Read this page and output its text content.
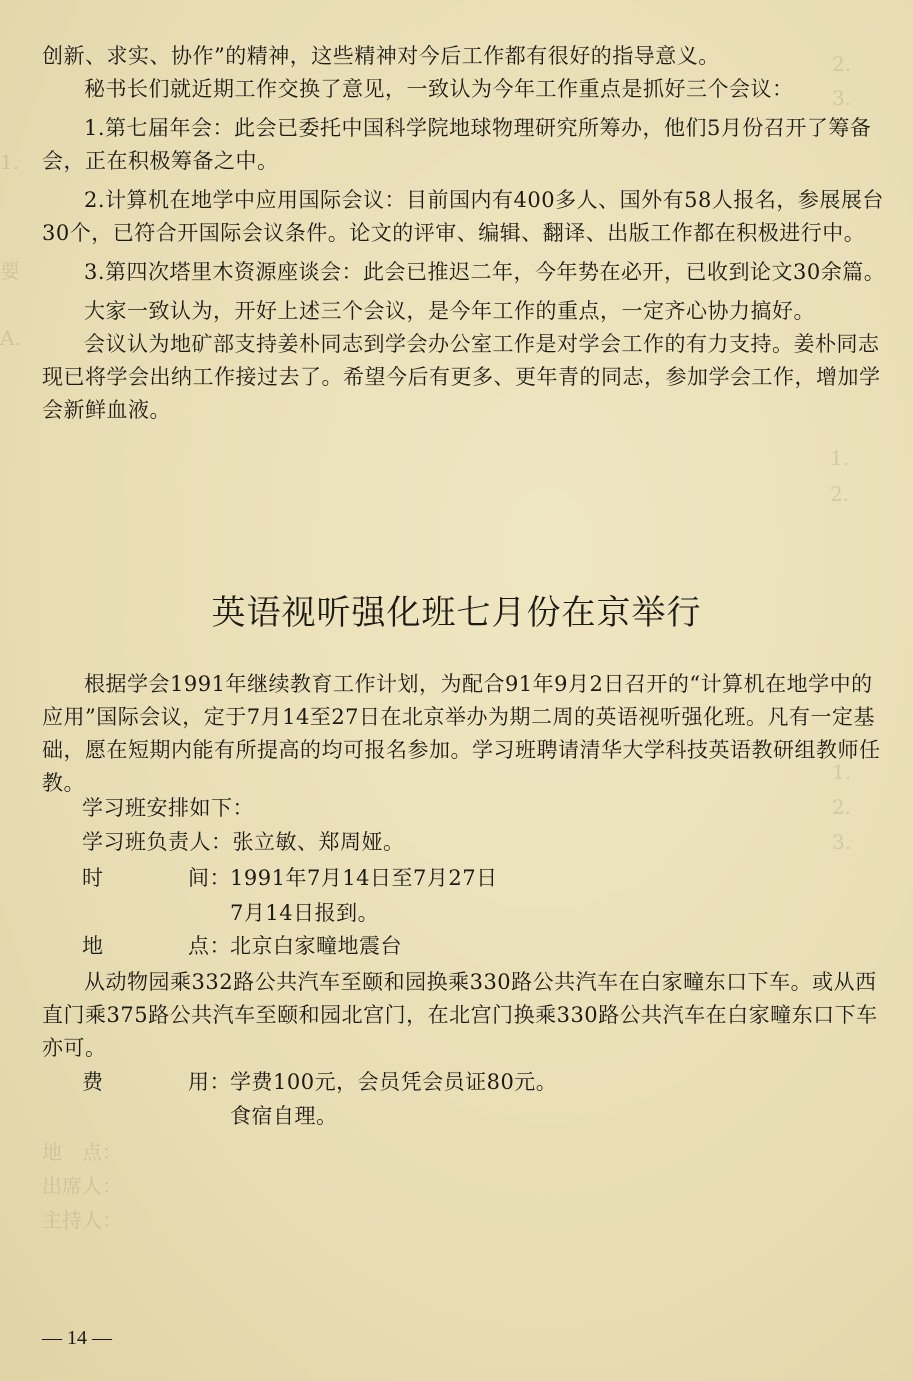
2.
3.
1.
要
A.
1.
2.
1.
2.
3.

创新、求实、协作”的精神，这些精神对今后工作都有很好的指导意义。

秘书长们就近期工作交换了意见，一致认为今年工作重点是抓好三个会议：

1.第七届年会：此会已委托中国科学院地球物理研究所筹办，他们5月份召开了筹备会，正在积极筹备之中。

2.计算机在地学中应用国际会议：目前国内有400多人、国外有58人报名，参展展台30个，已符合开国际会议条件。论文的评审、编辑、翻译、出版工作都在积极进行中。

3.第四次塔里木资源座谈会：此会已推迟二年，今年势在必开，已收到论文30余篇。

大家一致认为，开好上述三个会议，是今年工作的重点，一定齐心协力搞好。

会议认为地矿部支持姜朴同志到学会办公室工作是对学会工作的有力支持。姜朴同志现已将学会出纳工作接过去了。希望今后有更多、更年青的同志，参加学会工作，增加学会新鲜血液。

英语视听强化班七月份在京举行

根据学会1991年继续教育工作计划，为配合91年9月2日召开的“计算机在地学中的应用”国际会议，定于7月14至27日在北京举办为期二周的英语视听强化班。凡有一定基础，愿在短期内能有所提高的均可报名参加。学习班聘请清华大学科技英语教研组教师任教。

学习班安排如下：
学习班负责人：张立敏、郑周娅。
时	间： 1991年7月14日至7月27日
7月14日报到。
地	点： 北京白家疃地震台

从动物园乘332路公共汽车至颐和园换乘330路公共汽车在白家疃东口下车。或从西直门乘375路公共汽车至颐和园北宫门，在北宫门换乘330路公共汽车在白家疃东口下车亦可。

费	用： 学费100元，会员凭会员证80元。
食宿自理。
地　点：
出席人：
主持人：
— 14 —
